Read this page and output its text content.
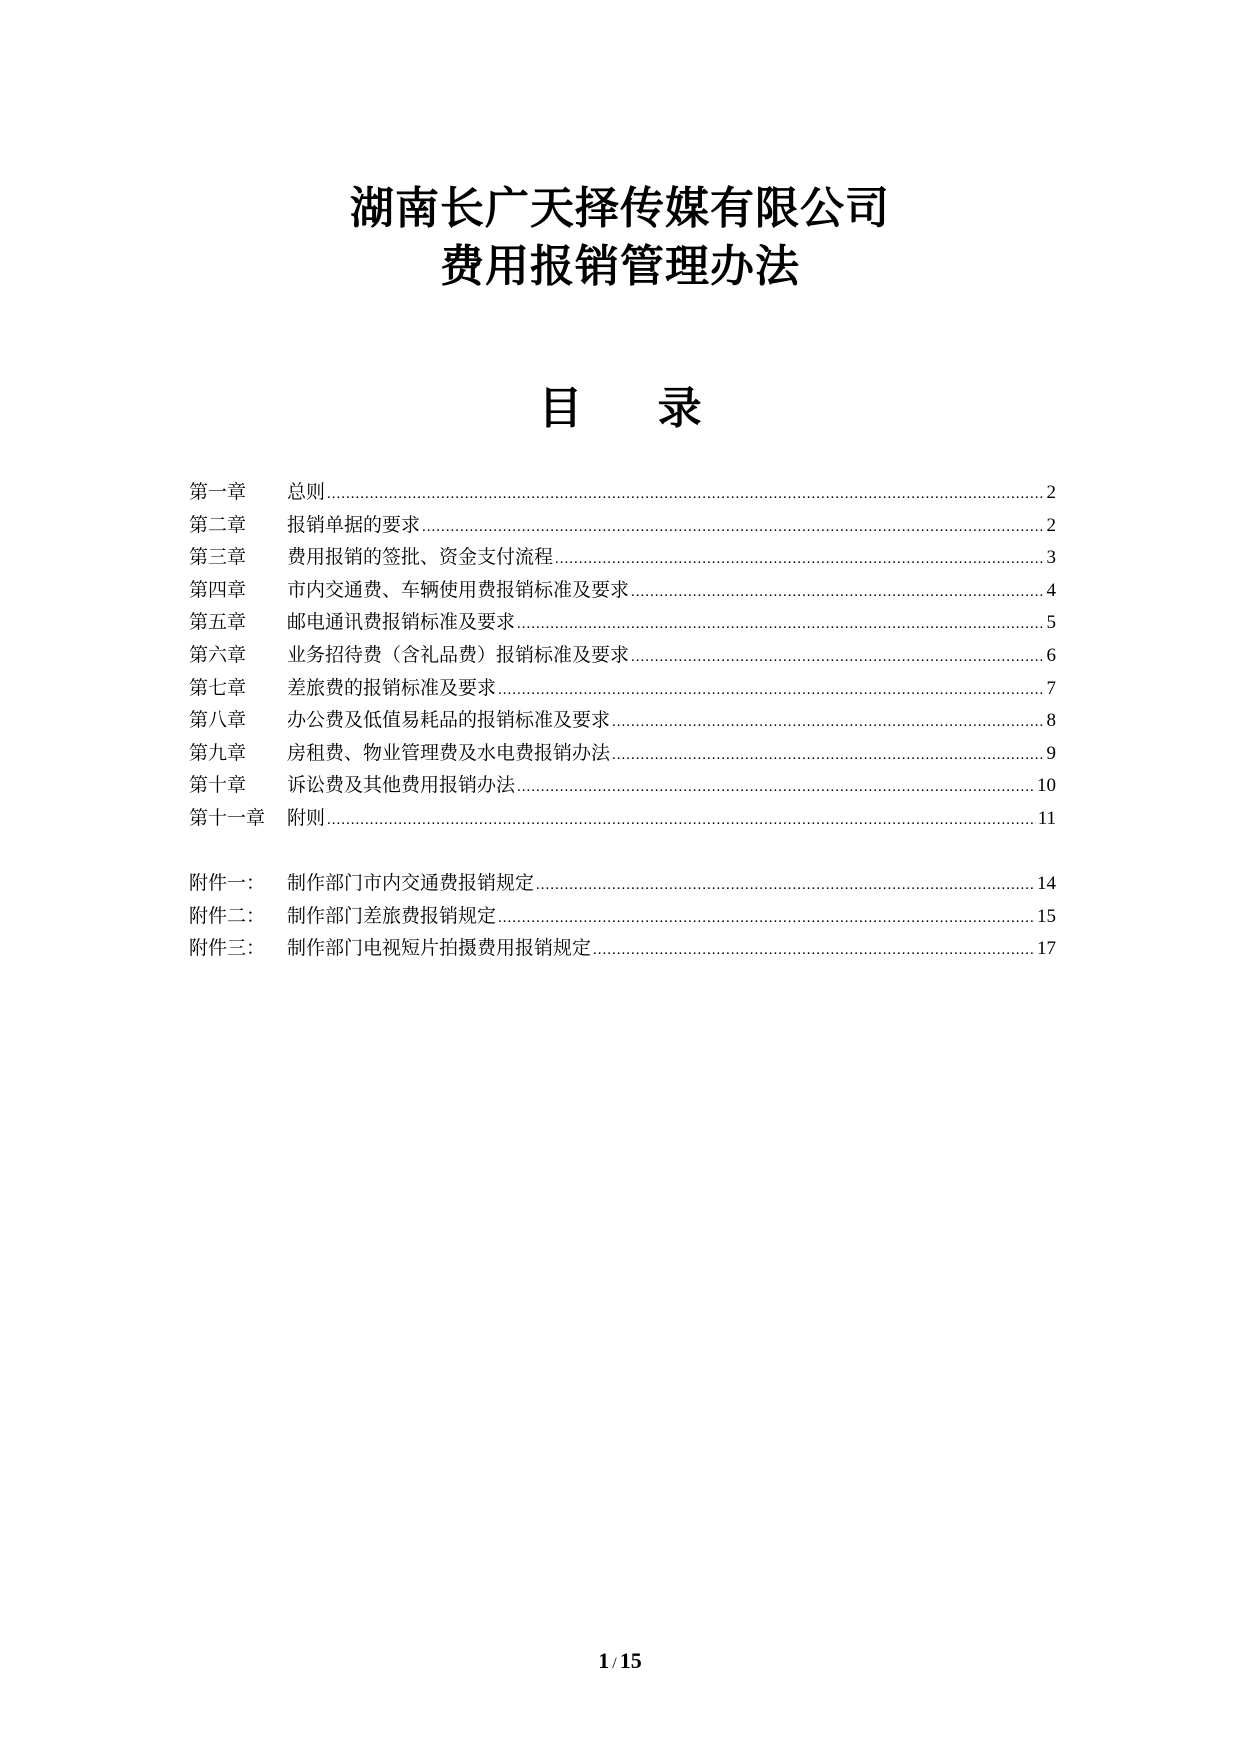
湖南长广天择传媒有限公司
费用报销管理办法
目 录
第一章	总则 .....	2
第二章	报销单据的要求 .....	2
第三章	费用报销的签批、资金支付流程 .....	3
第四章	市内交通费、车辆使用费报销标准及要求 .....	4
第五章	邮电通讯费报销标准及要求 .....	5
第六章	业务招待费（含礼品费）报销标准及要求 .....	6
第七章	差旅费的报销标准及要求 .....	7
第八章	办公费及低值易耗品的报销标准及要求 .....	8
第九章	房租费、物业管理费及水电费报销办法 .....	9
第十章	诉讼费及其他费用报销办法 .....	10
第十一章	附则 .....	11
附件一：	制作部门市内交通费报销规定 .....	14
附件二：	制作部门差旅费报销规定 .....	15
附件三：	制作部门电视短片拍摄费用报销规定 .....	17
1 / 15
